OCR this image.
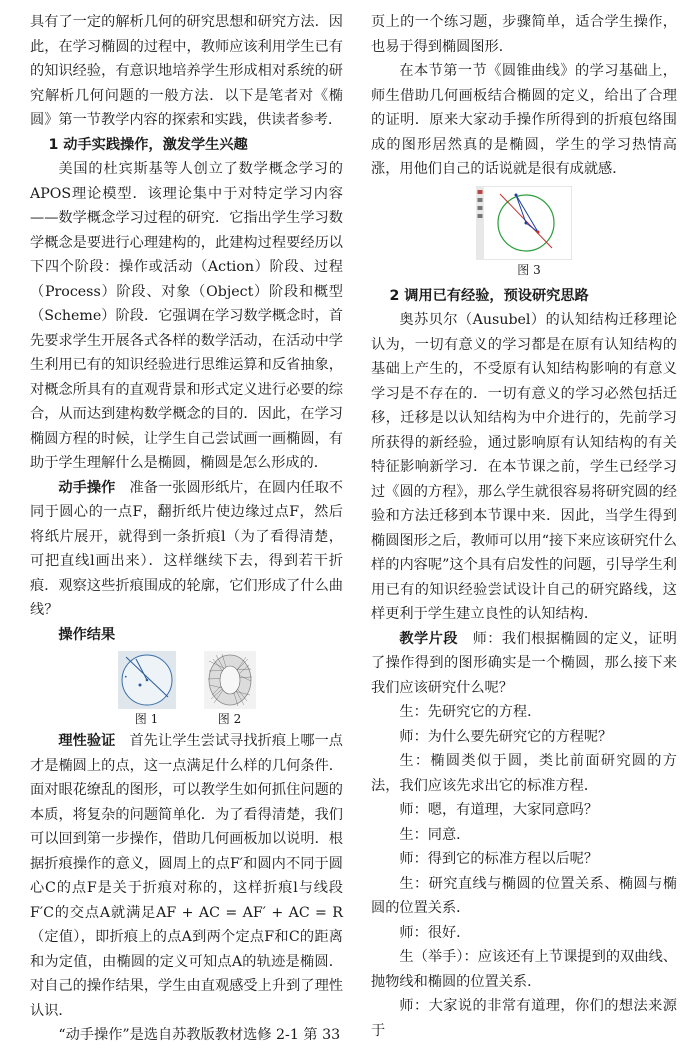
具有了一定的解析几何的研究思想和研究方法．因此，在学习椭圆的过程中，教师应该利用学生已有的知识经验，有意识地培养学生形成相对系统的研究解析几何问题的一般方法．以下是笔者对《椭圆》第一节教学内容的探索和实践，供读者参考．

1 动手实践操作，激发学生兴趣

美国的杜宾斯基等人创立了数学概念学习的APOS理论模型．该理论集中于对特定学习内容——数学概念学习过程的研究．它指出学生学习数学概念是要进行心理建构的，此建构过程要经历以下四个阶段：操作或活动（Action）阶段、过程（Process）阶段、对象（Object）阶段和概型（Scheme）阶段．它强调在学习数学概念时，首先要求学生开展各式各样的数学活动，在活动中学生利用已有的知识经验进行思维运算和反省抽象，对概念所具有的直观背景和形式定义进行必要的综合，从而达到建构数学概念的目的．因此，在学习椭圆方程的时候，让学生自己尝试画一画椭圆，有助于学生理解什么是椭圆，椭圆是怎么形成的．

动手操作  准备一张圆形纸片，在圆内任取不同于圆心的一点F，翻折纸片使边缘过点F，然后将纸片展开，就得到一条折痕l（为了看得清楚，可把直线l画出来）．这样继续下去，得到若干折痕．观察这些折痕围成的轮廓，它们形成了什么曲线？

操作结果

•
图 1	图 2

理性验证  首先让学生尝试寻找折痕上哪一点才是椭圆上的点，这一点满足什么样的几何条件．面对眼花缭乱的图形，可以教学生如何抓住问题的本质，将复杂的问题简单化．为了看得清楚，我们可以回到第一步操作，借助几何画板加以说明．根据折痕操作的意义，圆周上的点F′和圆内不同于圆心C的点F是关于折痕对称的，这样折痕l与线段F′C的交点A就满足AF + AC = AF′ + AC = R（定值），即折痕上的点A到两个定点F和C的距离和为定值，由椭圆的定义可知点A的轨迹是椭圆．对自己的操作结果，学生由直观感受上升到了理性认识．

“动手操作”是选自苏教版教材选修 2-1 第 33

页上的一个练习题，步骤简单，适合学生操作，也易于得到椭圆图形．

在本节第一节《圆锥曲线》的学习基础上，师生借助几何画板结合椭圆的定义，给出了合理的证明．原来大家动手操作所得到的折痕包络围成的图形居然真的是椭圆，学生的学习热情高涨，用他们自己的话说就是很有成就感．

图 3

2 调用已有经验，预设研究思路

奥苏贝尔（Ausubel）的认知结构迁移理论认为，一切有意义的学习都是在原有认知结构的基础上产生的，不受原有认知结构影响的有意义学习是不存在的．一切有意义的学习必然包括迁移，迁移是以认知结构为中介进行的，先前学习所获得的新经验，通过影响原有认知结构的有关特征影响新学习．在本节课之前，学生已经学习过《圆的方程》，那么学生就很容易将研究圆的经验和方法迁移到本节课中来．因此，当学生得到椭圆图形之后，教师可以用“接下来应该研究什么样的内容呢”这个具有启发性的问题，引导学生利用已有的知识经验尝试设计自己的研究路线，这样更利于学生建立良性的认知结构．

教学片段  师：我们根据椭圆的定义，证明了操作得到的图形确实是一个椭圆，那么接下来我们应该研究什么呢？

生：先研究它的方程．

师：为什么要先研究它的方程呢？

生：椭圆类似于圆，类比前面研究圆的方法，我们应该先求出它的标准方程．

师：嗯，有道理，大家同意吗？

生：同意．

师：得到它的标准方程以后呢？

生：研究直线与椭圆的位置关系、椭圆与椭圆的位置关系．

师：很好．

生（举手）：应该还有上节课提到的双曲线、抛物线和椭圆的位置关系．

师：大家说的非常有道理，你们的想法来源于
